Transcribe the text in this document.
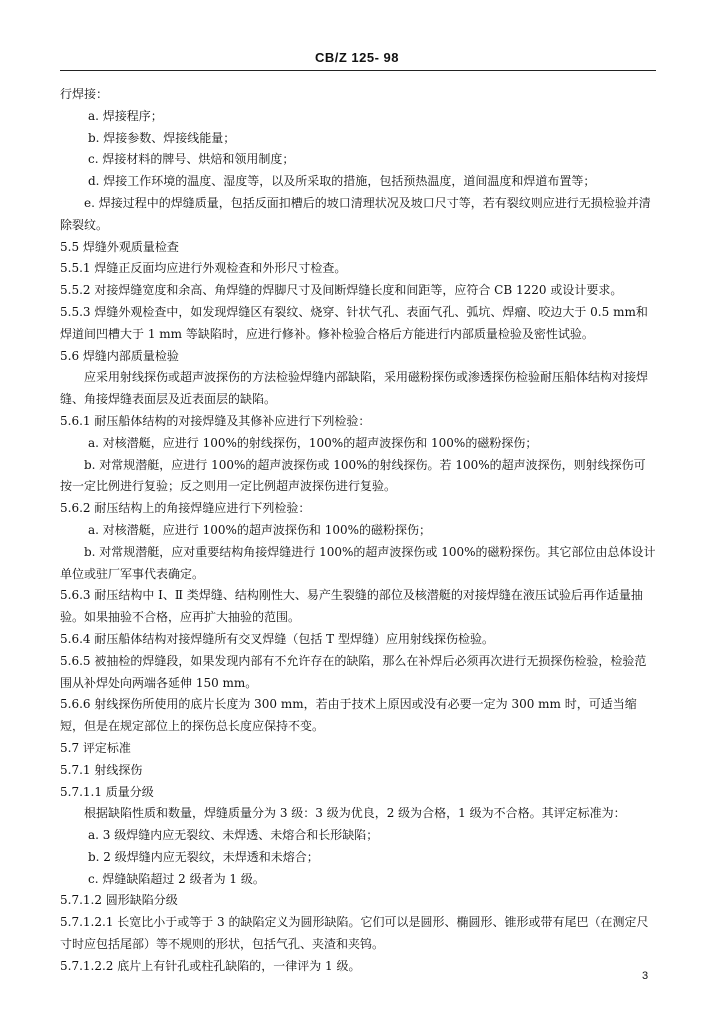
CB/Z 125- 98

行焊接：

a. 焊接程序；

b. 焊接参数、焊接线能量；

c. 焊接材料的牌号、烘焙和领用制度；

d. 焊接工作环境的温度、湿度等，以及所采取的措施，包括预热温度，道间温度和焊道布置等；

e. 焊接过程中的焊缝质量，包括反面扣槽后的坡口清理状况及坡口尺寸等，若有裂纹则应进行无损检验并清除裂纹。

5.5 焊缝外观质量检查

5.5.1 焊缝正反面均应进行外观检查和外形尺寸检查。

5.5.2 对接焊缝宽度和余高、角焊缝的焊脚尺寸及间断焊缝长度和间距等，应符合 CB 1220 或设计要求。

5.5.3 焊缝外观检查中，如发现焊缝区有裂纹、烧穿、针状气孔、表面气孔、弧坑、焊瘤、咬边大于 0.5 mm和焊道间凹槽大于 1 mm 等缺陷时，应进行修补。修补检验合格后方能进行内部质量检验及密性试验。

5.6 焊缝内部质量检验

应采用射线探伤或超声波探伤的方法检验焊缝内部缺陷，采用磁粉探伤或渗透探伤检验耐压船体结构对接焊缝、角接焊缝表面层及近表面层的缺陷。

5.6.1 耐压船体结构的对接焊缝及其修补应进行下列检验：

a. 对核潜艇，应进行 100%的射线探伤，100%的超声波探伤和 100%的磁粉探伤；

b. 对常规潜艇，应进行 100%的超声波探伤或 100%的射线探伤。若 100%的超声波探伤，则射线探伤可按一定比例进行复验；反之则用一定比例超声波探伤进行复验。

5.6.2 耐压结构上的角接焊缝应进行下列检验：

a. 对核潜艇，应进行 100%的超声波探伤和 100%的磁粉探伤；

b. 对常规潜艇，应对重要结构角接焊缝进行 100%的超声波探伤或 100%的磁粉探伤。其它部位由总体设计单位或驻厂军事代表确定。

5.6.3 耐压结构中 Ⅰ、Ⅱ 类焊缝、结构刚性大、易产生裂缝的部位及核潜艇的对接焊缝在液压试验后再作适量抽验。如果抽验不合格，应再扩大抽验的范围。

5.6.4 耐压船体结构对接焊缝所有交叉焊缝（包括 T 型焊缝）应用射线探伤检验。

5.6.5 被抽检的焊缝段，如果发现内部有不允许存在的缺陷，那么在补焊后必须再次进行无损探伤检验，检验范围从补焊处向两端各延伸 150 mm。

5.6.6 射线探伤所使用的底片长度为 300 mm，若由于技术上原因或没有必要一定为 300 mm 时，可适当缩短，但是在规定部位上的探伤总长度应保持不变。

5.7 评定标准

5.7.1 射线探伤

5.7.1.1 质量分级

根据缺陷性质和数量，焊缝质量分为 3 级：3 级为优良，2 级为合格，1 级为不合格。其评定标准为：

a. 3 级焊缝内应无裂纹、未焊透、未熔合和长形缺陷；

b. 2 级焊缝内应无裂纹，未焊透和未熔合；

c. 焊缝缺陷超过 2 级者为 1 级。

5.7.1.2 圆形缺陷分级

5.7.1.2.1 长宽比小于或等于 3 的缺陷定义为圆形缺陷。它们可以是圆形、椭圆形、锥形或带有尾巴（在测定尺寸时应包括尾部）等不规则的形状，包括气孔、夹渣和夹钨。

5.7.1.2.2 底片上有针孔或柱孔缺陷的，一律评为 1 级。

3
